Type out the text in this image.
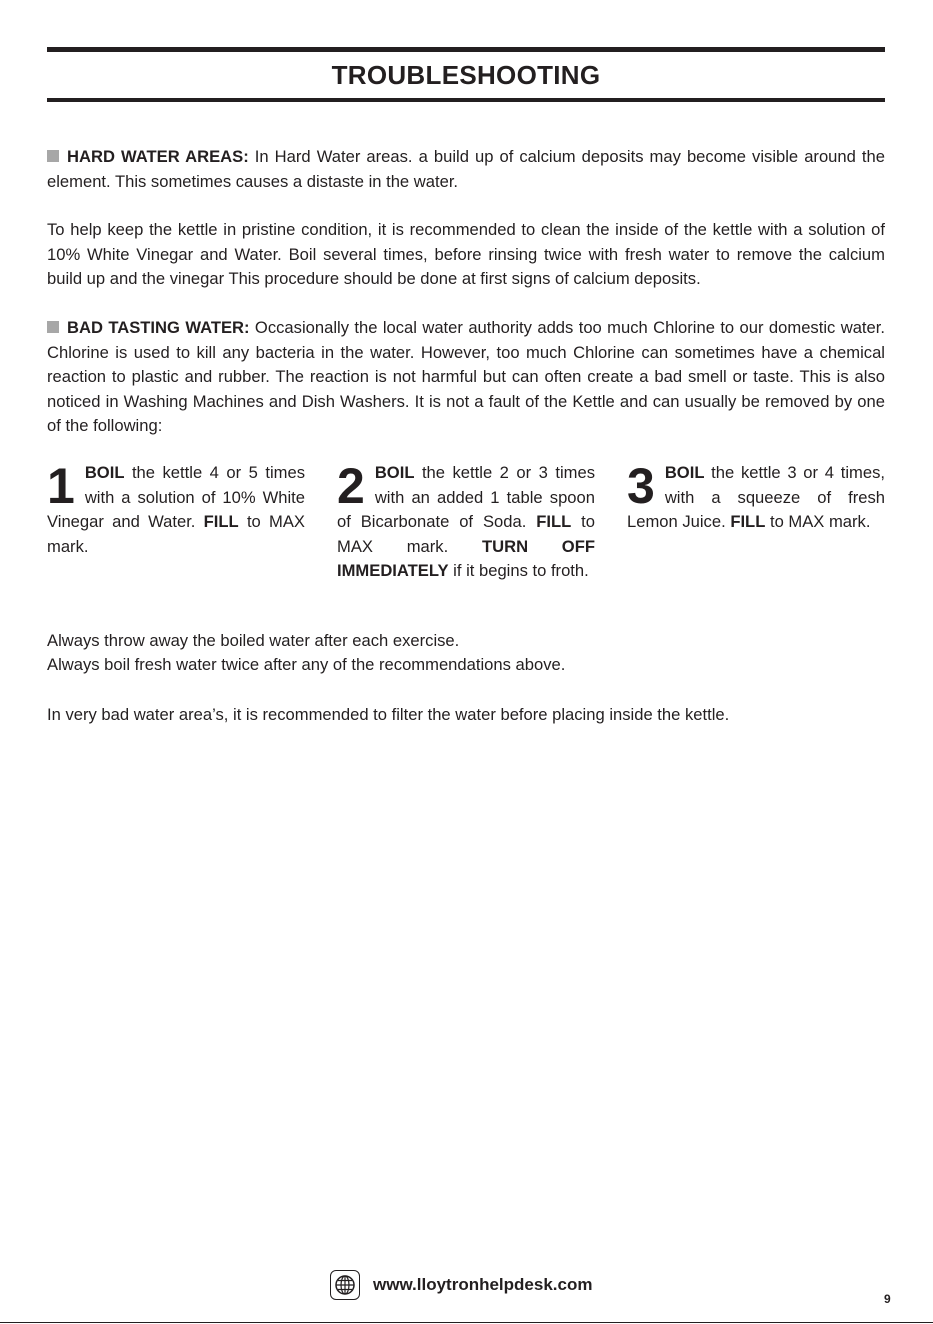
TROUBLESHOOTING

HARD WATER AREAS: In Hard Water areas. a build up of calcium deposits may become visible around the element. This sometimes causes a distaste in the water.

To help keep the kettle in pristine condition, it is recommended to clean the inside of the kettle with a solution of 10% White Vinegar and Water. Boil several times, before rinsing twice with fresh water to remove the calcium build up and the vinegar This procedure should be done at first signs of calcium deposits.

BAD TASTING WATER: Occasionally the local water authority adds too much Chlorine to our domestic water. Chlorine is used to kill any bacteria in the water. However, too much Chlorine can sometimes have a chemical reaction to plastic and rubber. The reaction is not harmful but can often create a bad smell or taste. This is also noticed in Washing Machines and Dish Washers. It is not a fault of the Kettle and can usually be removed by one of the following:

1 BOIL the kettle 4 or 5 times with a solution of 10% White Vinegar and Water. FILL to MAX mark.

2 BOIL the kettle 2 or 3 times with an added 1 table spoon of Bicarbonate of Soda. FILL to MAX mark. TURN OFF IMMEDIATELY if it begins to froth.

3 BOIL the kettle 3 or 4 times, with a squeeze of fresh Lemon Juice. FILL to MAX mark.

Always throw away the boiled water after each exercise.

Always boil fresh water twice after any of the recommendations above.

In very bad water area’s, it is recommended to filter the water before placing inside the kettle.

www.lloytronhelpdesk.com
9
